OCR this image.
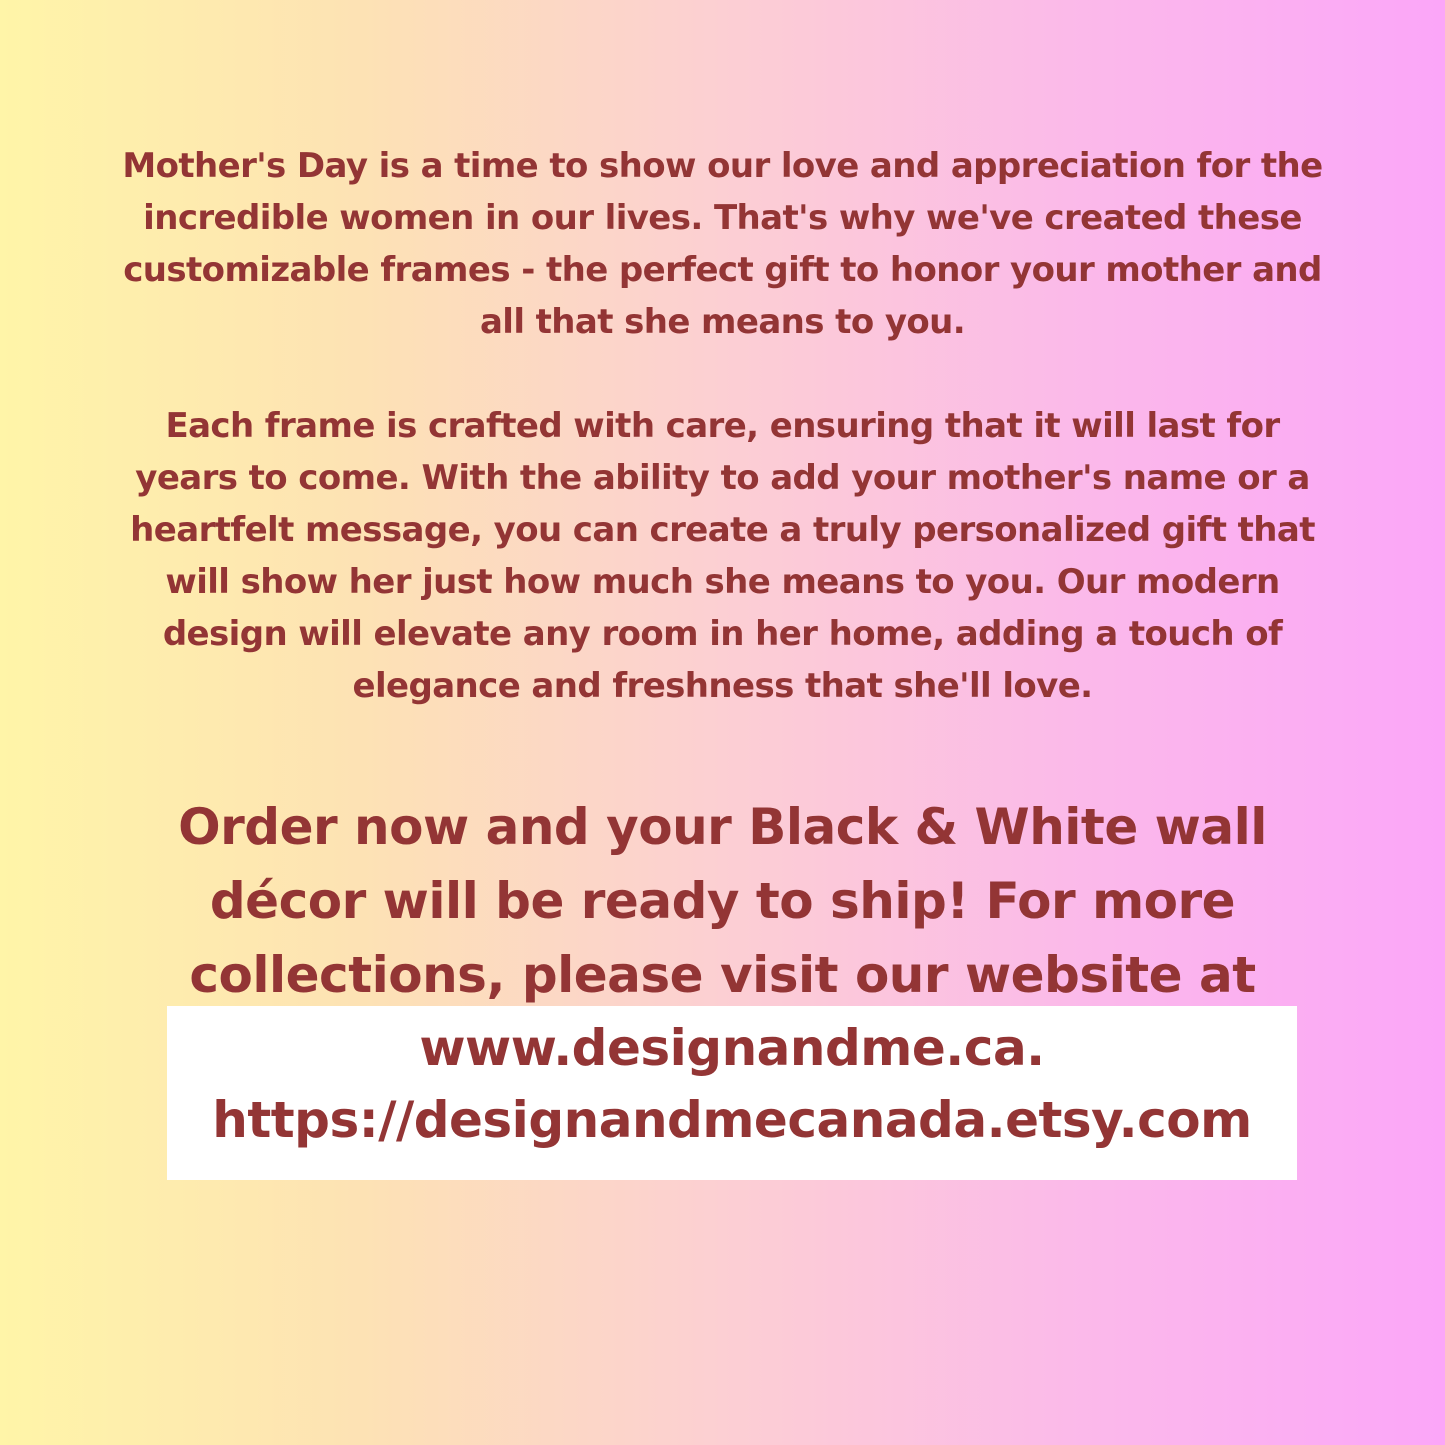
Mother's Day is a time to show our love and appreciation for the incredible women in our lives. That's why we've created these customizable frames - the perfect gift to honor your mother and all that she means to you.

Each frame is crafted with care, ensuring that it will last for years to come. With the ability to add your mother's name or a heartfelt message, you can create a truly personalized gift that will show her just how much she means to you. Our modern design will elevate any room in her home, adding a touch of elegance and freshness that she'll love.

Order now and your Black & White wall décor will be ready to ship! For more collections, please visit our website at

www.designandme.ca.
https://designandmecanada.etsy.com
